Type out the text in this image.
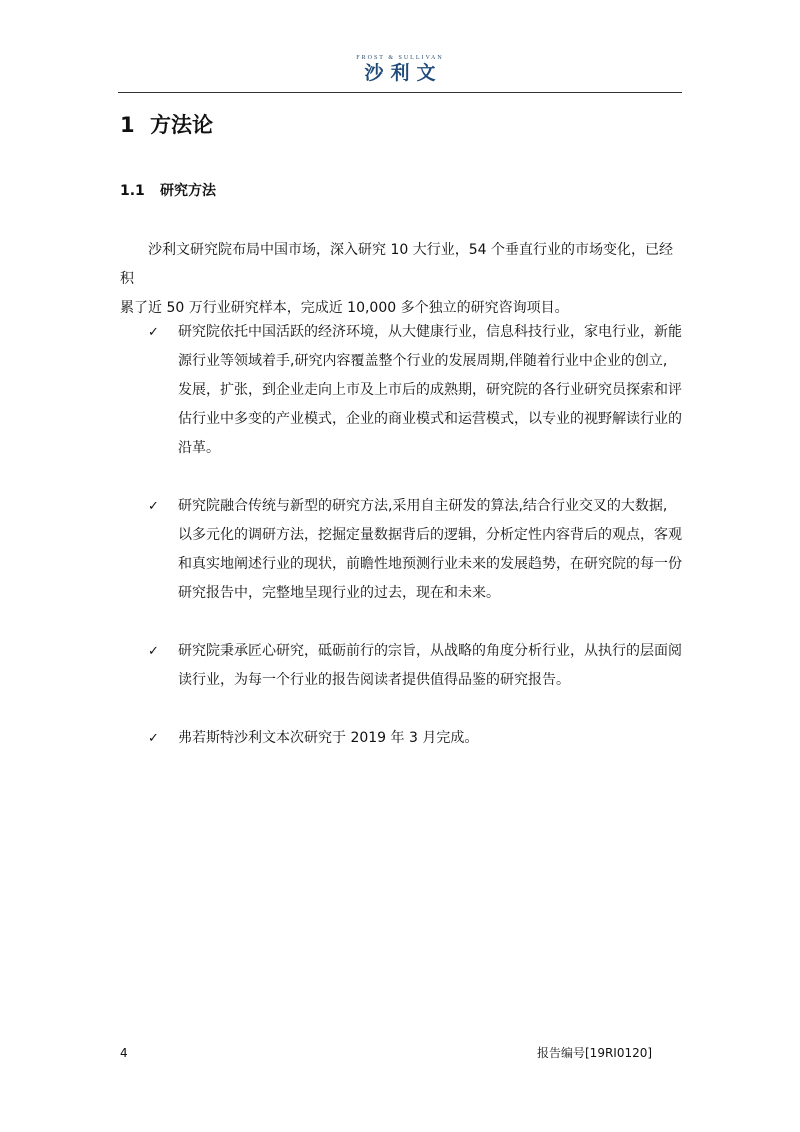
FROST & SULLIVAN
沙利文
1 方法论
1.1 研究方法

沙利文研究院布局中国市场，深入研究 10 大行业，54 个垂直行业的市场变化，已经积
累了近 50 万行业研究样本，完成近 10,000 多个独立的研究咨询项目。

✓ 研究院依托中国活跃的经济环境，从大健康行业，信息科技行业，家电行业，新能
源行业等领域着手,研究内容覆盖整个行业的发展周期,伴随着行业中企业的创立,
发展，扩张，到企业走向上市及上市后的成熟期，研究院的各行业研究员探索和评
估行业中多变的产业模式，企业的商业模式和运营模式，以专业的视野解读行业的
沿革。
✓ 研究院融合传统与新型的研究方法,采用自主研发的算法,结合行业交叉的大数据,
以多元化的调研方法，挖掘定量数据背后的逻辑，分析定性内容背后的观点，客观
和真实地阐述行业的现状，前瞻性地预测行业未来的发展趋势，在研究院的每一份
研究报告中，完整地呈现行业的过去，现在和未来。
✓ 研究院秉承匠心研究，砥砺前行的宗旨，从战略的角度分析行业，从执行的层面阅
读行业，为每一个行业的报告阅读者提供值得品鉴的研究报告。
✓ 弗若斯特沙利文本次研究于 2019 年 3 月完成。
4	报告编号[19RI0120]
